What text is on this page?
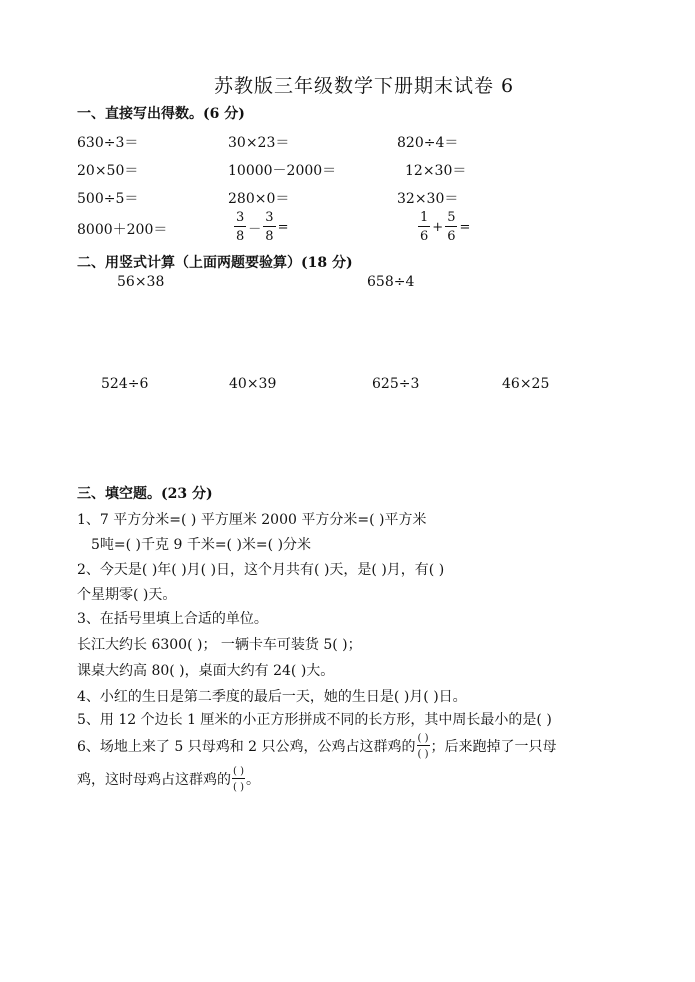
苏教版三年级数学下册期末试卷 6
一、直接写出得数。(6 分)
630÷3＝	30×23＝	820÷4＝
20×50＝	10000－2000＝	12×30＝
500÷5＝	280×0＝	32×30＝
8000＋200＝	$\frac{3}{8} - \frac{3}{8}$ =	$\frac{1}{6} + \frac{5}{6}$ =
二、用竖式计算（上面两题要验算）(18 分)
56×38	658÷4
524÷6	40×39	625÷3	46×25
三、填空题。(23 分)
1、7 平方分米=( ) 平方厘米 2000 平方分米=( )平方米
5吨=( )千克 9 千米=( )米=( )分米
2、今天是( )年( )月( )日，这个月共有( )天，是( )月，有( )
个星期零( )天。
3、在括号里填上合适的单位。
长江大约长 6300( )； 一辆卡车可装货 5( )；
课桌大约高 80( )，桌面大约有 24( )大。
4、小红的生日是第二季度的最后一天，她的生日是( )月( )日。
5、用 12 个边长 1 厘米的小正方形拼成不同的长方形，其中周长最小的是( )
6、场地上来了 5 只母鸡和 2 只公鸡，公鸡占这群鸡的
( )
( ) ；后来跑掉了一只母
鸡，这时母鸡占这群鸡的
( )
( ) 。
